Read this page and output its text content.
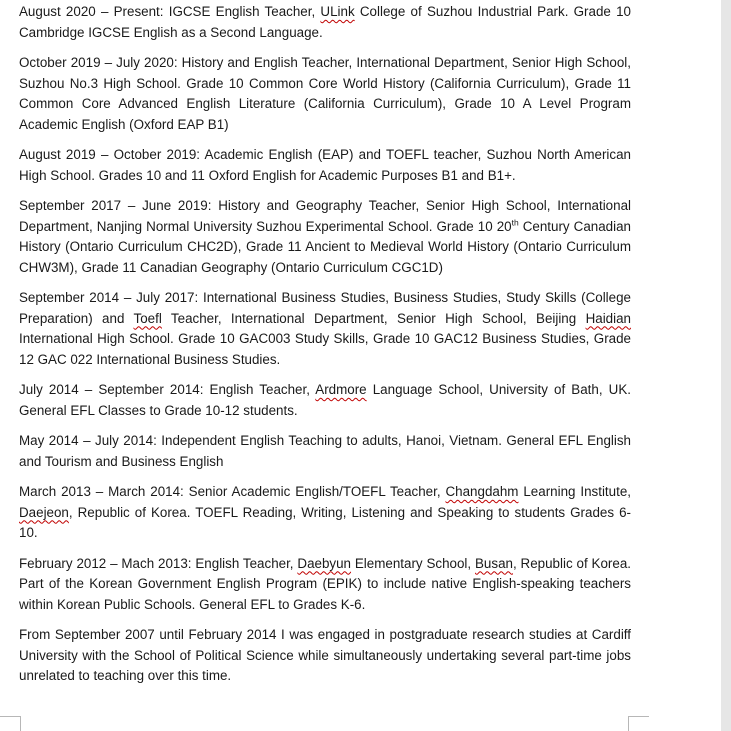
August 2020 – Present: IGCSE English Teacher, ULink College of Suzhou Industrial Park. Grade 10 Cambridge IGCSE English as a Second Language.

October 2019 – July 2020: History and English Teacher, International Department, Senior High School, Suzhou No.3 High School. Grade 10 Common Core World History (California Curriculum), Grade 11 Common Core Advanced English Literature (California Curriculum), Grade 10 A Level Program Academic English (Oxford EAP B1)

August 2019 – October 2019: Academic English (EAP) and TOEFL teacher, Suzhou North American High School. Grades 10 and 11 Oxford English for Academic Purposes B1 and B1+.

September 2017 – June 2019: History and Geography Teacher, Senior High School, International Department, Nanjing Normal University Suzhou Experimental School. Grade 10 20th Century Canadian History (Ontario Curriculum CHC2D), Grade 11 Ancient to Medieval World History (Ontario Curriculum CHW3M), Grade 11 Canadian Geography (Ontario Curriculum CGC1D)

September 2014 – July 2017: International Business Studies, Business Studies, Study Skills (College Preparation) and Toefl Teacher, International Department, Senior High School, Beijing Haidian International High School. Grade 10 GAC003 Study Skills, Grade 10 GAC12 Business Studies, Grade 12 GAC 022 International Business Studies.

July 2014 – September 2014: English Teacher, Ardmore Language School, University of Bath, UK. General EFL Classes to Grade 10-12 students.

May 2014 – July 2014: Independent English Teaching to adults, Hanoi, Vietnam. General EFL English and Tourism and Business English

March 2013 – March 2014: Senior Academic English/TOEFL Teacher, Changdahm Learning Institute, Daejeon, Republic of Korea. TOEFL Reading, Writing, Listening and Speaking to students Grades 6-10.

February 2012 – Mach 2013: English Teacher, Daebyun Elementary School, Busan, Republic of Korea. Part of the Korean Government English Program (EPIK) to include native English-speaking teachers within Korean Public Schools. General EFL to Grades K-6.

From September 2007 until February 2014 I was engaged in postgraduate research studies at Cardiff University with the School of Political Science while simultaneously undertaking several part-time jobs unrelated to teaching over this time.
